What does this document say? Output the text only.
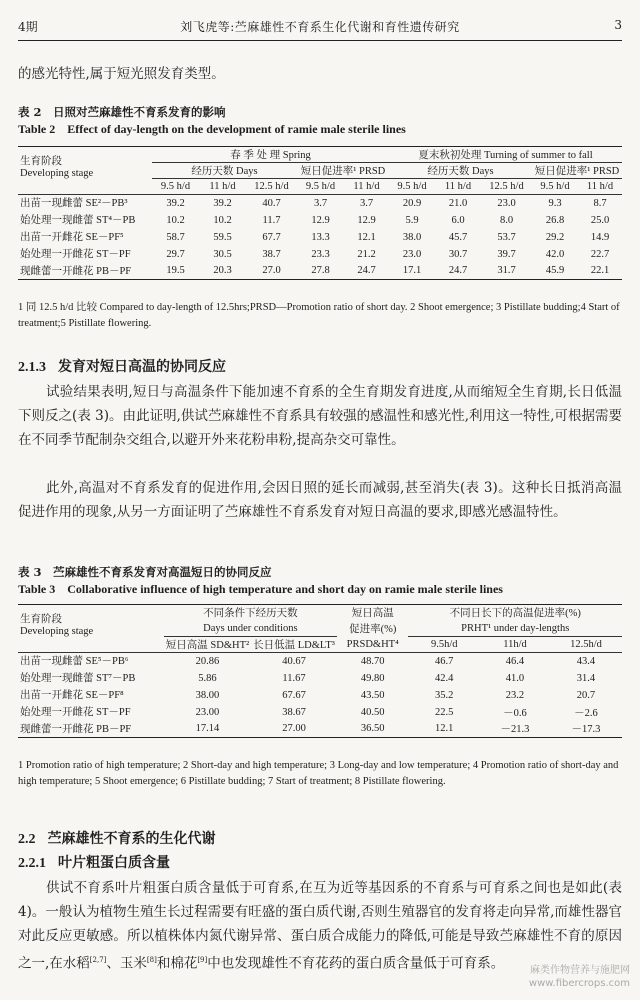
4期	刘飞虎等:苎麻雄性不育系生化代谢和育性遗传研究	3
的感光特性,属于短光照发育类型。
表 2　日照对苎麻雄性不育系发育的影响
Table 2　Effect of day-length on the development of ramie male sterile lines
生育阶段
Developing stage	春 季 处 理 Spring					夏末秋初处理 Turning of summer to fall				
	经历天数 Days			短日促进率¹ PRSD		经历天数 Days			短日促进率¹ PRSD	
	9.5 h/d	11 h/d	12.5 h/d	9.5 h/d	11 h/d	9.5 h/d	11 h/d	12.5 h/d	9.5 h/d	11 h/d
出苗一现雌蕾 SE²－PB³	39.2	39.2	40.7	3.7	3.7	20.9	21.0	23.0	9.3	8.7
始处理一现雌蕾 ST⁴－PB	10.2	10.2	11.7	12.9	12.9	5.9	6.0	8.0	26.8	25.0
出苗一开雌花 SE－PF⁵	58.7	59.5	67.7	13.3	12.1	38.0	45.7	53.7	29.2	14.9
始处理一开雌花 ST－PF	29.7	30.5	38.7	23.3	21.2	23.0	30.7	39.7	42.0	22.7
现雌蕾一开雌花 PB－PF	19.5	20.3	27.0	27.8	24.7	17.1	24.7	31.7	45.9	22.1
1 同 12.5 h/d 比较 Compared to day-length of 12.5hrs;PRSD—Promotion ratio of short day. 2 Shoot emergence; 3 Pistillate budding;4 Start of treatment;5 Pistillate flowering.
2.1.3 发育对短日高温的协同反应
试验结果表明,短日与高温条件下能加速不育系的全生育期发育进度,从而缩短全生育期,长日低温下则反之(表 3)。由此证明,供试苎麻雄性不育系具有较强的感温性和感光性,利用这一特性,可根据需要在不同季节配制杂交组合,以避开外来花粉串粉,提高杂交可靠性。
此外,高温对不育系发育的促进作用,会因日照的延长而减弱,甚至消失(表 3)。这种长日抵消高温促进作用的现象,从另一方面证明了苎麻雄性不育系发育对短日高温的要求,即感光感温特性。
表 3　苎麻雄性不育系发育对高温短日的协同反应
Table 3　Collaborative influence of high temperature and short day on ramie male sterile lines
生育阶段
Developing stage	不同条件下经历天数		短日高温	不同日长下的高温促进率(%)		
	Days under conditions		促进率(%)	PRHT¹ under day-lengths		
	短日高温 SD&HT²	长日低温 LD&LT³	PRSD&HT⁴	9.5h/d	11h/d	12.5h/d
出苗一现雌蕾 SE⁵－PB⁶	20.86	40.67	48.70	46.7	46.4	43.4
始处理一现雌蕾 ST⁷－PB	5.86	11.67	49.80	42.4	41.0	31.4
出苗一开雌花 SE－PF⁸	38.00	67.67	43.50	35.2	23.2	20.7
始处理一开雌花 ST－PF	23.00	38.67	40.50	22.5	－0.6	－2.6
现雌蕾一开雌花 PB－PF	17.14	27.00	36.50	12.1	－21.3	－17.3
1 Promotion ratio of high temperature; 2 Short-day and high temperature; 3 Long-day and low temperature; 4 Promotion ratio of short-day and high temperature; 5 Shoot emergence; 6 Pistillate budding; 7 Start of treatment; 8 Pistillate flowering.
2.2 苎麻雄性不育系的生化代谢
2.2.1 叶片粗蛋白质含量
供试不育系叶片粗蛋白质含量低于可育系,在互为近等基因系的不育系与可育系之间也是如此(表 4)。一般认为植物生殖生长过程需要有旺盛的蛋白质代谢,否则生殖器官的发育将走向异常,而雄性器官对此反应更敏感。所以植株体内氮代谢异常、蛋白质合成能力的降低,可能是导致苎麻雄性不育的原因之一,在水稻[2,7]、玉米[8]和棉花[9]中也发现雄性不育花药的蛋白质含量低于可育系。	麻类作物营养与施肥网
www.fibercrops.com
